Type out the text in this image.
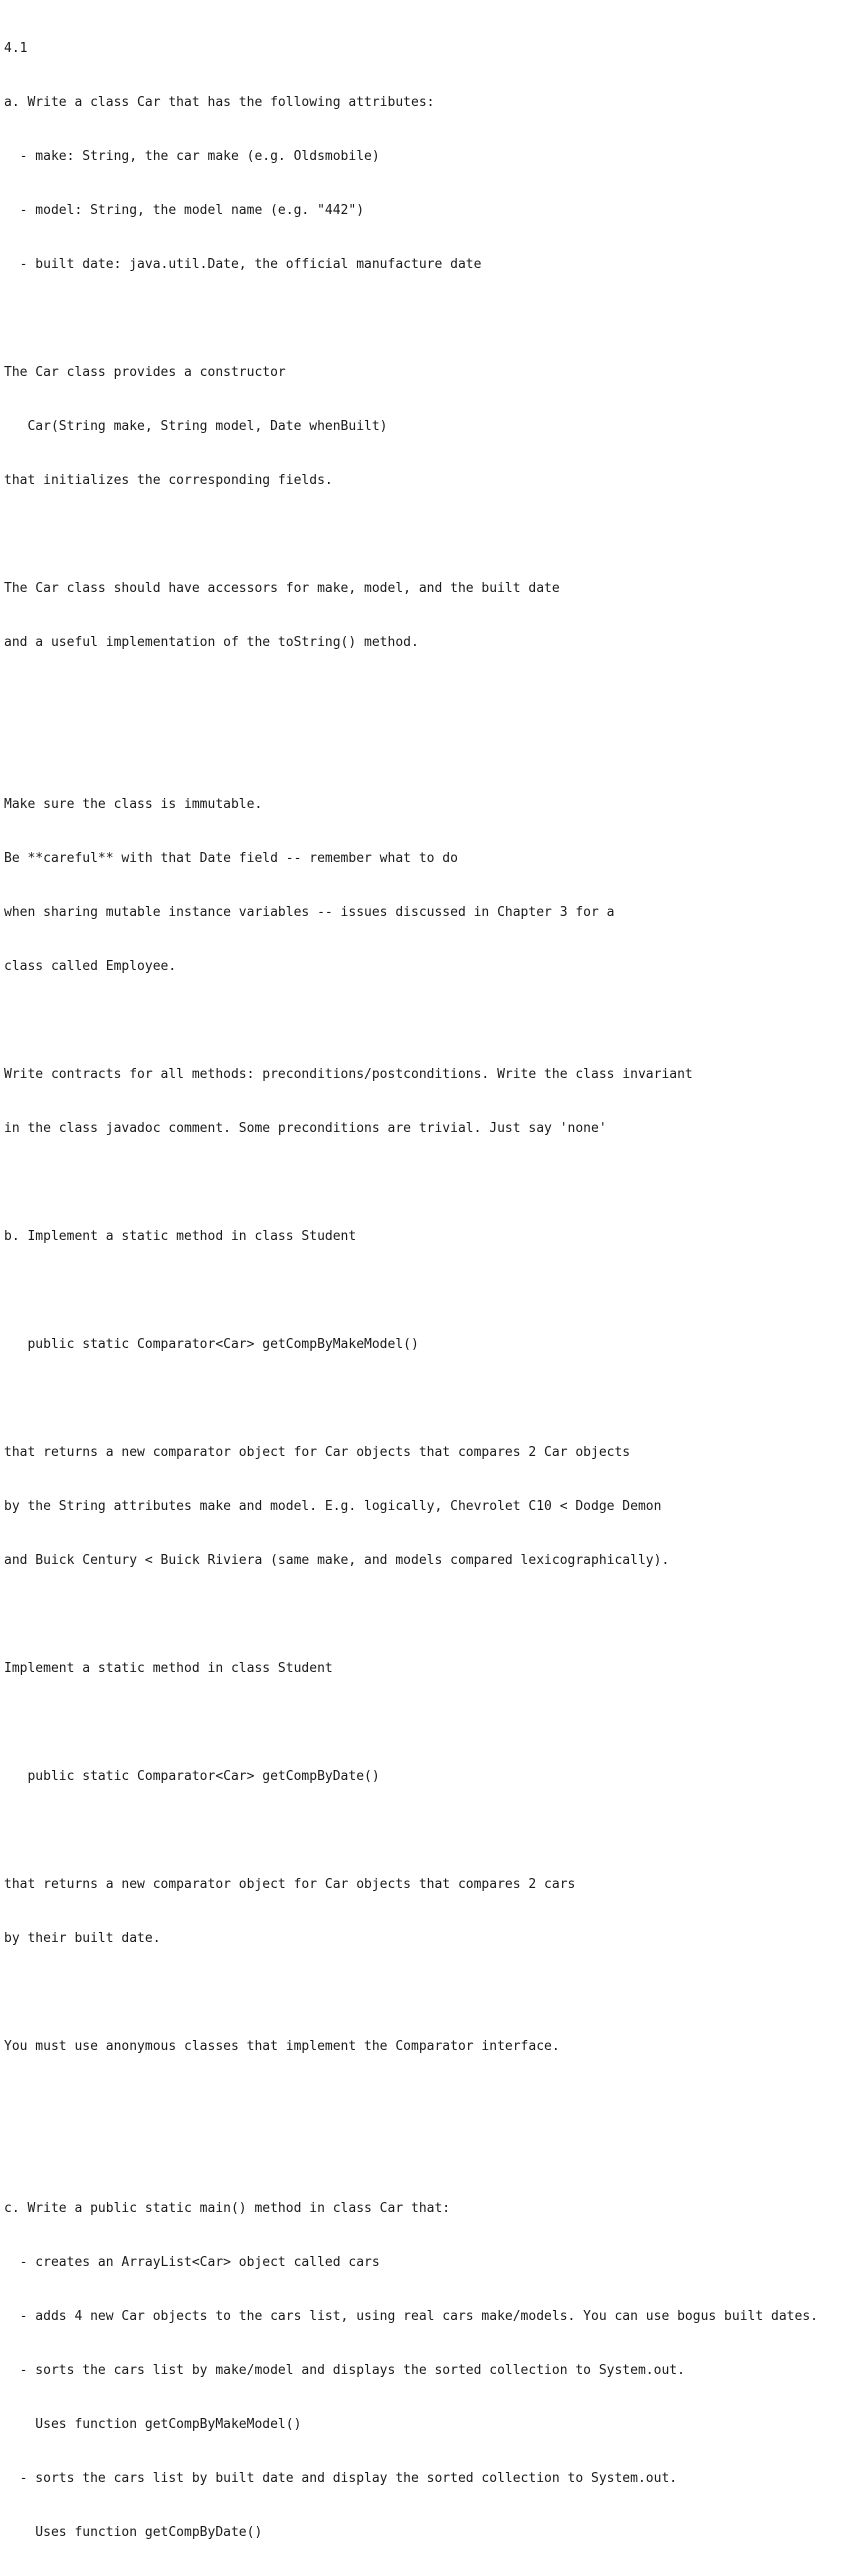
4.1

a. Write a class Car that has the following attributes:

- make: String, the car make (e.g. Oldsmobile)

- model: String, the model name (e.g. "442")

- built date: java.util.Date, the official manufacture date

The Car class provides a constructor

Car(String make, String model, Date whenBuilt)

that initializes the corresponding fields.

The Car class should have accessors for make, model, and the built date

and a useful implementation of the toString() method.

Make sure the class is immutable.

Be **careful** with that Date field -- remember what to do

when sharing mutable instance variables -- issues discussed in Chapter 3 for a

class called Employee.

Write contracts for all methods: preconditions/postconditions. Write the class invariant

in the class javadoc comment. Some preconditions are trivial. Just say 'none'

b. Implement a static method in class Student

public static Comparator<Car> getCompByMakeModel()

that returns a new comparator object for Car objects that compares 2 Car objects

by the String attributes make and model. E.g. logically, Chevrolet C10 < Dodge Demon

and Buick Century < Buick Riviera (same make, and models compared lexicographically).

Implement a static method in class Student

public static Comparator<Car> getCompByDate()

that returns a new comparator object for Car objects that compares 2 cars

by their built date.

You must use anonymous classes that implement the Comparator interface.

c. Write a public static main() method in class Car that:

- creates an ArrayList<Car> object called cars

- adds 4 new Car objects to the cars list, using real cars make/models. You can use bogus built dates.

- sorts the cars list by make/model and displays the sorted collection to System.out.

Uses function getCompByMakeModel()

- sorts the cars list by built date and display the sorted collection to System.out.

Uses function getCompByDate()
